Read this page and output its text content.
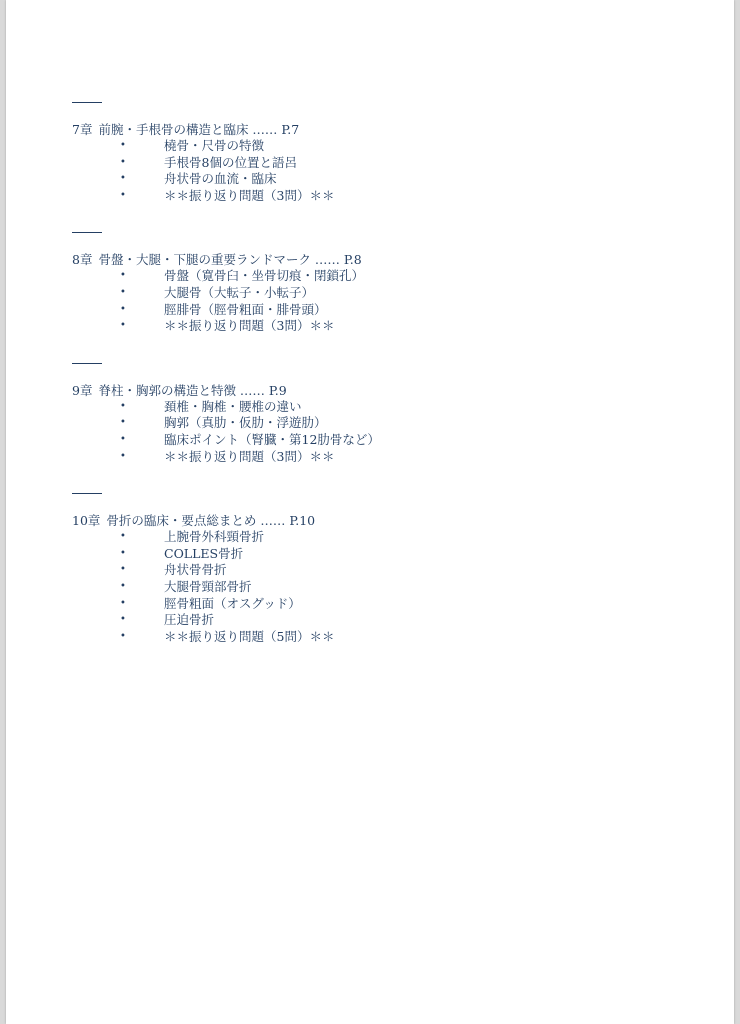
7章 前腕・手根骨の構造と臨床 …… P.7
•	橈骨・尺骨の特徴
•	手根骨8個の位置と語呂
•	舟状骨の血流・臨床
•	＊＊振り返り問題（3問）＊＊
8章 骨盤・大腿・下腿の重要ランドマーク …… P.8
•	骨盤（寛骨臼・坐骨切痕・閉鎖孔）
•	大腿骨（大転子・小転子）
•	脛腓骨（脛骨粗面・腓骨頭）
•	＊＊振り返り問題（3問）＊＊
9章 脊柱・胸郭の構造と特徴 …… P.9
•	頚椎・胸椎・腰椎の違い
•	胸郭（真肋・仮肋・浮遊肋）
•	臨床ポイント（腎臓・第12肋骨など）
•	＊＊振り返り問題（3問）＊＊
10章 骨折の臨床・要点総まとめ …… P.10
•	上腕骨外科頸骨折
•	COLLES骨折
•	舟状骨骨折
•	大腿骨頸部骨折
•	脛骨粗面（オスグッド）
•	圧迫骨折
•	＊＊振り返り問題（5問）＊＊
